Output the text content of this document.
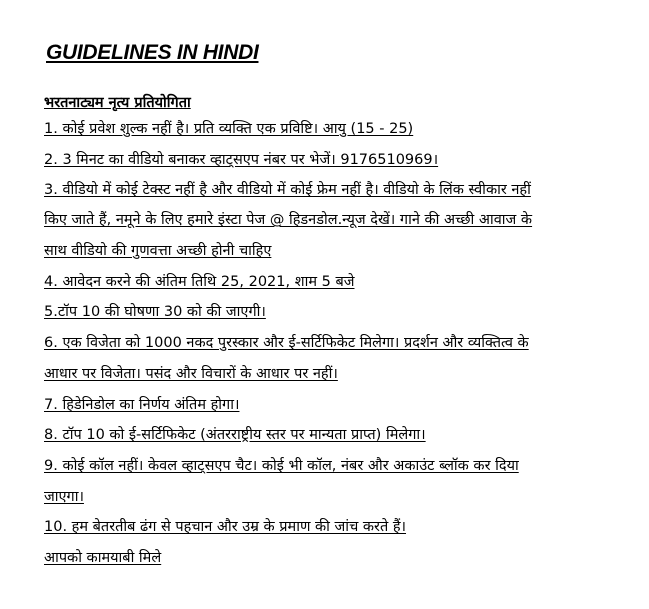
GUIDELINES IN HINDI
भरतनाट्यम नृत्य प्रतियोगिता

1. कोई प्रवेश शुल्क नहीं है। प्रति व्यक्ति एक प्रविष्टि। आयु (15 - 25)

2. 3 मिनट का वीडियो बनाकर व्हाट्सएप नंबर पर भेजें। 9176510969।

3. वीडियो में कोई टेक्स्ट नहीं है और वीडियो में कोई फ्रेम नहीं है। वीडियो के लिंक स्वीकार नहीं

किए जाते हैं, नमूने के लिए हमारे इंस्टा पेज @ हिडनडोल.न्यूज देखें। गाने की अच्छी आवाज के

साथ वीडियो की गुणवत्ता अच्छी होनी चाहिए

4. आवेदन करने की अंतिम तिथि 25, 2021, शाम 5 बजे

5.टॉप 10 की घोषणा 30 को की जाएगी।

6. एक विजेता को 1000 नकद पुरस्कार और ई-सर्टिफिकेट मिलेगा। प्रदर्शन और व्यक्तित्व के

आधार पर विजेता। पसंद और विचारों के आधार पर नहीं।

7. हिडेनिडोल का निर्णय अंतिम होगा।

8. टॉप 10 को ई-सर्टिफिकेट (अंतरराष्ट्रीय स्तर पर मान्यता प्राप्त) मिलेगा।

9. कोई कॉल नहीं। केवल व्हाट्सएप चैट। कोई भी कॉल, नंबर और अकाउंट ब्लॉक कर दिया

जाएगा।

10. हम बेतरतीब ढंग से पहचान और उम्र के प्रमाण की जांच करते हैं।

आपको कामयाबी मिले
